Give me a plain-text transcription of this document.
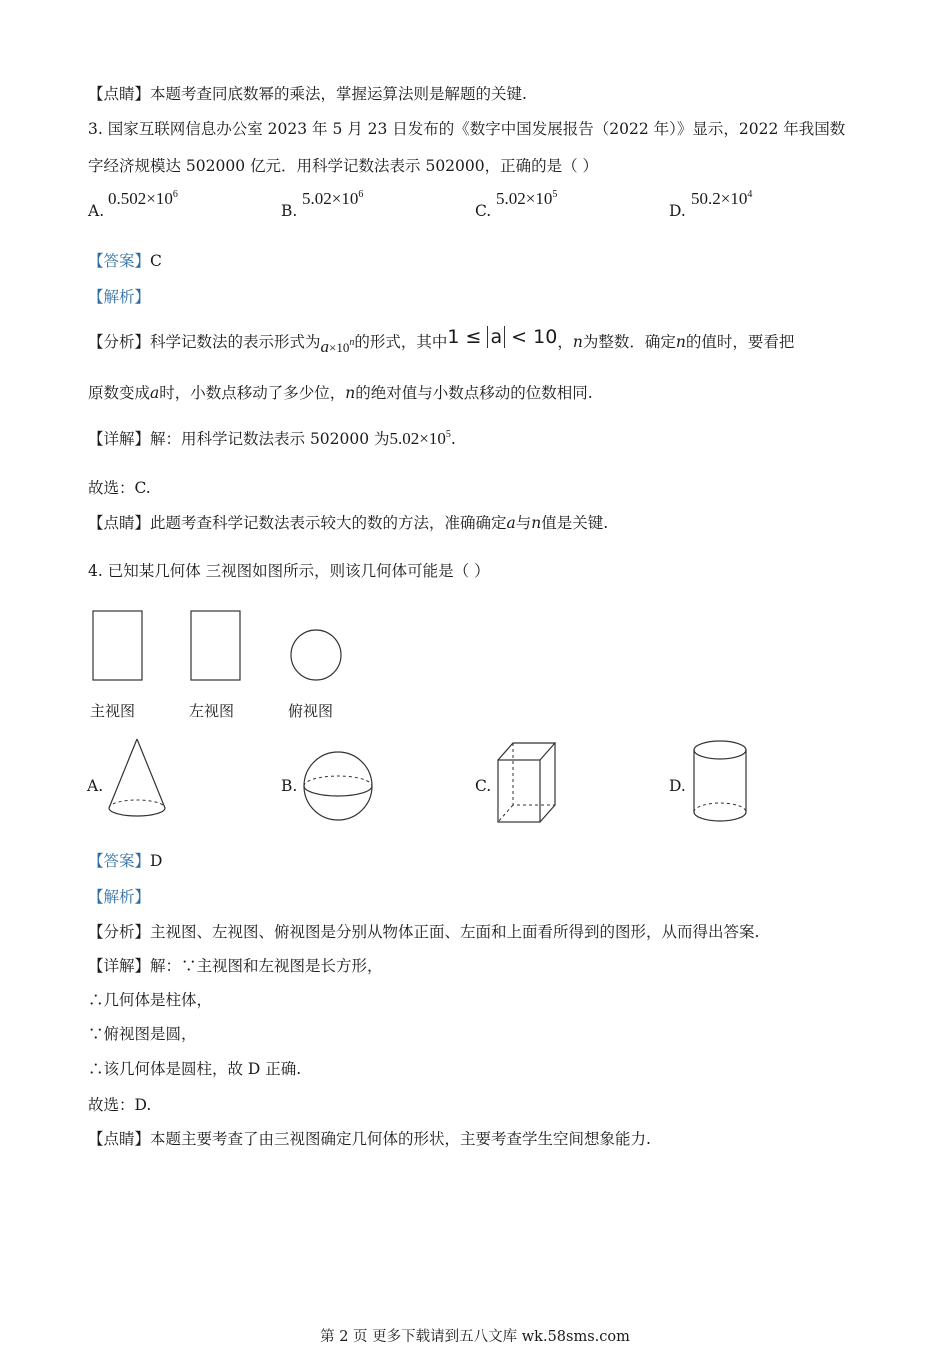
【点睛】本题考查同底数幂的乘法，掌握运算法则是解题的关键.
3. 国家互联网信息办公室 2023 年 5 月 23 日发布的《数字中国发展报告（2022 年）》显示，2022 年我国数
字经济规模达 502000 亿元．用科学记数法表示 502000，正确的是（ ）
A.
$0.502\times 10^6$
B.
$5.02\times 10^6$
C.
$5.02\times 10^5$
D.
$50.2\times 10^4$
【答案】C
【解析】
【分析】科学记数法的表示形式为$a\times 10^n$的形式，其中1 ≤ a < 10，n为整数．确定n的值时，要看把
原数变成a时，小数点移动了多少位，n的绝对值与小数点移动的位数相同.
【详解】解：用科学记数法表示 502000 为$5.02\times 10^5$.
故选：C.
【点睛】此题考查科学记数法表示较大的数的方法，准确确定a与n值是关键.
4. 已知某几何体 三视图如图所示，则该几何体可能是（ ）
主视图	左视图	俯视图
A.	B.	C.	D.
【答案】D
【解析】
【分析】主视图、左视图、俯视图是分别从物体正面、左面和上面看所得到的图形，从而得出答案.
【详解】解：∵主视图和左视图是长方形，
∴几何体是柱体，
∵俯视图是圆，
∴该几何体是圆柱，故 D 正确.
故选：D.
【点睛】本题主要考查了由三视图确定几何体的形状，主要考查学生空间想象能力.
第 2 页 更多下载请到五八文库 wk.58sms.com
